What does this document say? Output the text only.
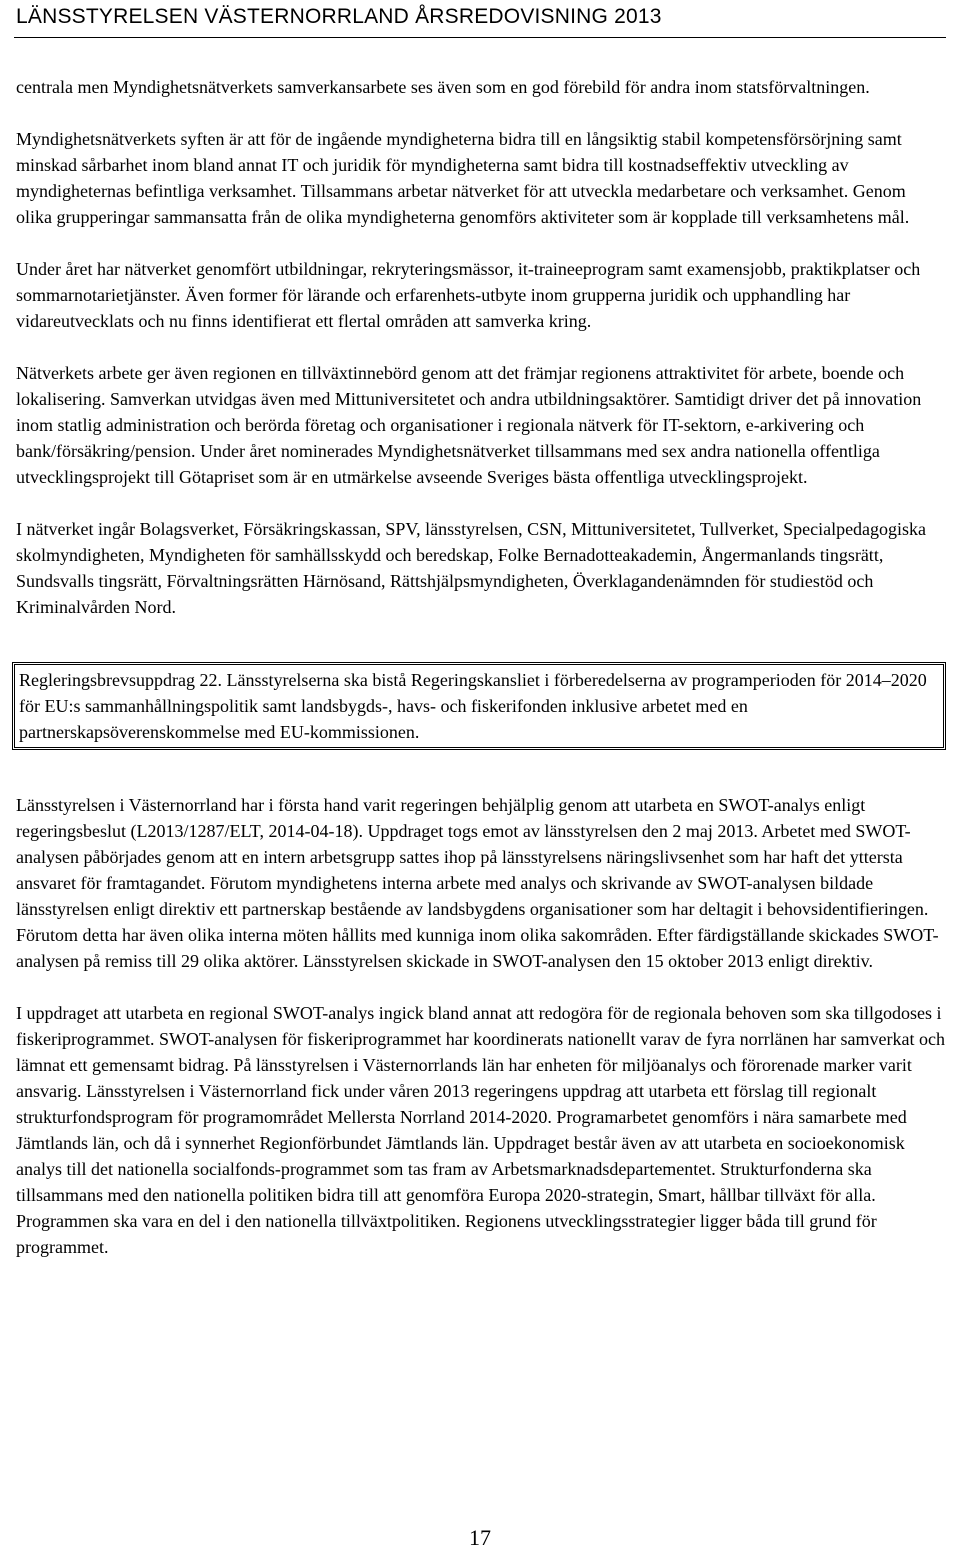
LÄNSSTYRELSEN VÄSTERNORRLAND ÅRSREDOVISNING 2013

centrala men Myndighetsnätverkets samverkansarbete ses även som en god förebild för andra inom statsförvaltningen.

Myndighetsnätverkets syften är att för de ingående myndigheterna bidra till en långsiktig stabil kompetensförsörjning samt minskad sårbarhet inom bland annat IT och juridik för myndigheterna samt bidra till kostnadseffektiv utveckling av myndigheternas befintliga verksamhet. Tillsammans arbetar nätverket för att utveckla medarbetare och verksamhet. Genom olika grupperingar sammansatta från de olika myndigheterna genomförs aktiviteter som är kopplade till verksamhetens mål.

Under året har nätverket genomfört utbildningar, rekryteringsmässor, it-traineeprogram samt examensjobb, praktikplatser och sommarnotarietjänster. Även former för lärande och erfarenhets-utbyte inom grupperna juridik och upphandling har vidareutvecklats och nu finns identifierat ett flertal områden att samverka kring.

Nätverkets arbete ger även regionen en tillväxtinnebörd genom att det främjar regionens attraktivitet för arbete, boende och lokalisering. Samverkan utvidgas även med Mittuniversitetet och andra utbildningsaktörer. Samtidigt driver det på innovation inom statlig administration och berörda företag och organisationer i regionala nätverk för IT-sektorn, e-arkivering och bank/försäkring/pension. Under året nominerades Myndighetsnätverket tillsammans med sex andra nationella offentliga utvecklingsprojekt till Götapriset som är en utmärkelse avseende Sveriges bästa offentliga utvecklingsprojekt.

I nätverket ingår Bolagsverket, Försäkringskassan, SPV, länsstyrelsen, CSN, Mittuniversitetet, Tullverket, Specialpedagogiska skolmyndigheten, Myndigheten för samhällsskydd och beredskap, Folke Bernadotteakademin, Ångermanlands tingsrätt, Sundsvalls tingsrätt, Förvaltningsrätten Härnösand, Rättshjälpsmyndigheten, Överklagandenämnden för studiestöd och Kriminalvården Nord.

Regleringsbrevsuppdrag 22. Länsstyrelserna ska bistå Regeringskansliet i förberedelserna av programperioden för 2014–2020 för EU:s sammanhållningspolitik samt landsbygds-, havs- och fiskerifonden inklusive arbetet med en partnerskapsöverenskommelse med EU-kommissionen.

Länsstyrelsen i Västernorrland har i första hand varit regeringen behjälplig genom att utarbeta en SWOT-analys enligt regeringsbeslut (L2013/1287/ELT, 2014-04-18). Uppdraget togs emot av länsstyrelsen den 2 maj 2013. Arbetet med SWOT-analysen påbörjades genom att en intern arbetsgrupp sattes ihop på länsstyrelsens näringslivsenhet som har haft det yttersta ansvaret för framtagandet. Förutom myndighetens interna arbete med analys och skrivande av SWOT-analysen bildade länsstyrelsen enligt direktiv ett partnerskap bestående av landsbygdens organisationer som har deltagit i behovsidentifieringen. Förutom detta har även olika interna möten hållits med kunniga inom olika sakområden. Efter färdigställande skickades SWOT-analysen på remiss till 29 olika aktörer. Länsstyrelsen skickade in SWOT-analysen den 15 oktober 2013 enligt direktiv.

I uppdraget att utarbeta en regional SWOT-analys ingick bland annat att redogöra för de regionala behoven som ska tillgodoses i fiskeriprogrammet. SWOT-analysen för fiskeriprogrammet har koordinerats nationellt varav de fyra norrlänen har samverkat och lämnat ett gemensamt bidrag. På länsstyrelsen i Västernorrlands län har enheten för miljöanalys och förorenade marker varit ansvarig. Länsstyrelsen i Västernorrland fick under våren 2013 regeringens uppdrag att utarbeta ett förslag till regionalt strukturfondsprogram för programområdet Mellersta Norrland 2014-2020. Programarbetet genomförs i nära samarbete med Jämtlands län, och då i synnerhet Regionförbundet Jämtlands län. Uppdraget består även av att utarbeta en socioekonomisk analys till det nationella socialfonds-programmet som tas fram av Arbetsmarknadsdepartementet. Strukturfonderna ska tillsammans med den nationella politiken bidra till att genomföra Europa 2020-strategin, Smart, hållbar tillväxt för alla. Programmen ska vara en del i den nationella tillväxtpolitiken. Regionens utvecklingsstrategier ligger båda till grund för programmet.

17
